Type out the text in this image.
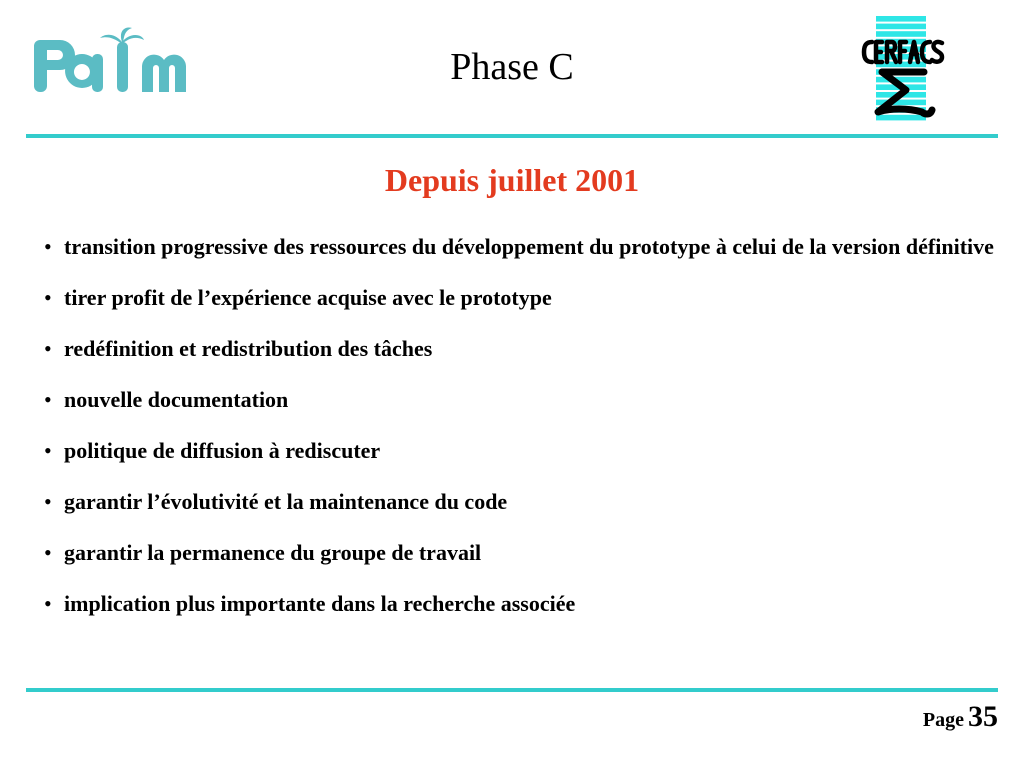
Phase C
Depuis juillet 2001
• transition progressive des ressources du développement du prototype à celui de la version définitive
• tirer profit de l’expérience acquise avec le prototype
• redéfinition et redistribution des tâches
• nouvelle documentation
• politique de diffusion à rediscuter
• garantir l’évolutivité et la maintenance du code
• garantir la permanence du groupe de travail
• implication plus importante dans la recherche associée
Page 35
